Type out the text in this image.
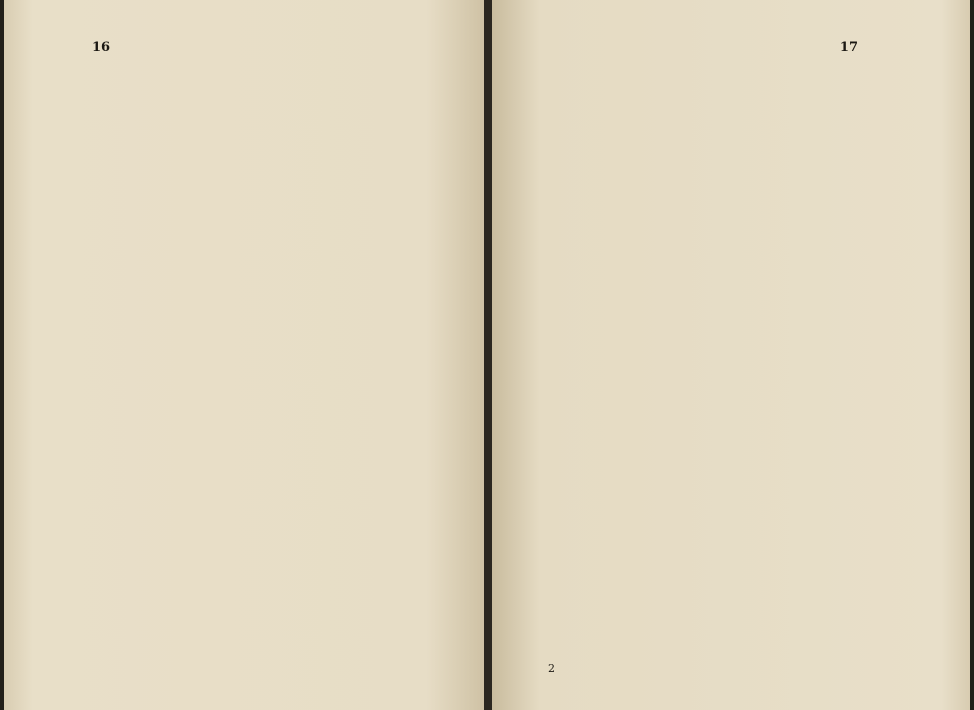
16	17

2
